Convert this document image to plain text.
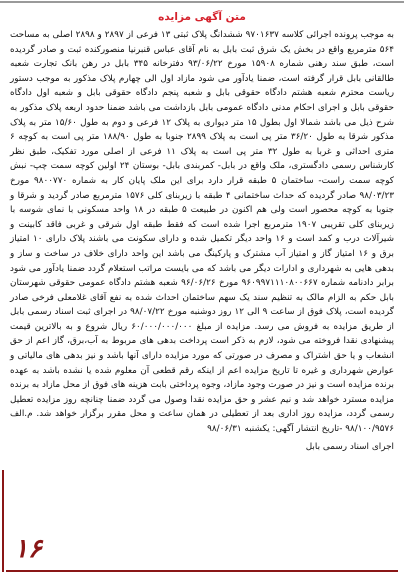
متن آگهی مزایده

به موجب پرونده اجرائی کلاسه ۹۷۰۱۶۳۷ ششدانگ پلاک ثبتی ۱۳ فرعی از ۲۸۹۷ و ۲۸۹۸ اصلی به مساحت ۵۶۴ مترمربع واقع در بخش یک شرق ثبت بابل به نام آقای عباس قنبرنیا منصورکنده ثبت و صادر گردیده است، طبق سند رهنی شماره ۱۵۹۰۸ مورخ ۹۳/۰۶/۲۲ دفترخانه ۳۴۵ بابل در رهن بانک تجارت شعبه طالقانی بابل قرار گرفته است، ضمنا یادآور می شود مازاد اول الی چهارم پلاک مذکور به موجب دستور ریاست محترم شعبه هشتم دادگاه حقوقی بابل و شعبه پنجم دادگاه حقوقی بابل و شعبه اول دادگاه حقوقی بابل و اجرای احکام مدنی دادگاه عمومی بابل بازداشت می باشد ضمنا حدود اربعه پلاک مذکور به شرح ذیل می باشد شمالا اول بطول ۱۵ متر دیواری به پلاک ۱۲ فرعی و دوم به طول ۱۵/۶۰ متر به پلاک مذکور شرقا به طول ۳۶/۲۰ متر پی است به پلاک ۲۸۹۹ جنوبا به طول ۱۸۸/۹۰ متر پی است به کوچه ۶ متری احداثی و غربا به طول ۳۲ متر پی است به پلاک ۱۱ فرعی از اصلی مورد تفکیک، طبق نظر کارشناس رسمی دادگستری، ملک واقع در بابل- کمربندی بابل- بوستان ۲۴ اولین کوچه سمت چپ- نبش کوچه سمت راست- ساختمان ۵ طبقه قرار دارد برای این ملک پایان کار به شماره ۹۸۰۰۷۷۰ مورخ ۹۸/۰۳/۲۳ صادر گردیده که حداث ساختمانی ۴ طبقه با زیربنای کلی ۱۵۷۶ مترمربع صادر گردید و شرقا و جنوبا به کوچه محصور است ولی هم اکنون در طبیعت ۵ طبقه در ۱۸ واحد مسکونی با نمای شوسه با زیربنای کلی تقریبی ۱۹۰۷ مترمربع اجرا شده است که فقط طبقه اول شرقی و غربی فاقد کابینت و شیرآلات درب و کمد است و ۱۶ واحد دیگر تکمیل شده و دارای سکونت می باشند پلاک دارای ۱۰ امتیاز برق و ۱۶ امتیاز گاز و امتیاز آب مشترک و پارکینگ می باشد این واحد دارای خلاف در ساخت و ساز و بدهی هایی به شهرداری و ادارات دیگر می باشد که می بایست مراتب استعلام گردد ضمنا یادآور می شود برابر دادنامه شماره ۹۶۰۹۹۷۱۱۱۰۸۰۰۶۶۷ مورخ ۹۶/۰۶/۲۶ شعبه هشتم دادگاه عمومی حقوقی شهرستان بابل حکم به الزام مالک به تنظیم سند یک سهم ساختمان احداث شده به نفع آقای غلامعلی فرخی صادر گردیده است، پلاک فوق از ساعت ۹ الی ۱۲ روز دوشنبه مورخ ۹۸/۰۷/۲۲ در اجرای ثبت اسناد رسمی بابل از طریق مزایده به فروش می رسد. مزایده از مبلغ ۶۰/۰۰۰/۰۰۰/۰۰۰ ریال شروع و به بالاترین قیمت پیشنهادی نقدا فروخته می شود، لازم به ذکر است پرداخت بدهی های مربوط به آب،برق، گاز اعم از حق انشعاب و یا حق اشتراک و مصرف در صورتی که مورد مزایده دارای آنها باشد و نیز بدهی های مالیاتی و عوارض شهرداری و غیره تا تاریخ مزایده اعم از اینکه رقم قطعی آن معلوم شده یا نشده باشد به عهده برنده مزایده است و نیز در صورت وجود مازاد، وجوه پرداختی بابت هزینه های فوق از محل مازاد به برنده مزایده مسترد خواهد شد و نیم عشر و حق مزایده نقدا وصول می گردد ضمنا چنانچه روز مزایده تعطیل رسمی گردد، مزایده روز اداری بعد از تعطیلی در همان ساعت و محل مقرر برگزار خواهد شد. م.الف ۹۸/۱۰۰/۹۵۷۶ -تاریخ انتشار آگهی: یکشنبه ۹۸/۰۶/۳۱

اجرای اسناد رسمی بابل
۱۶
